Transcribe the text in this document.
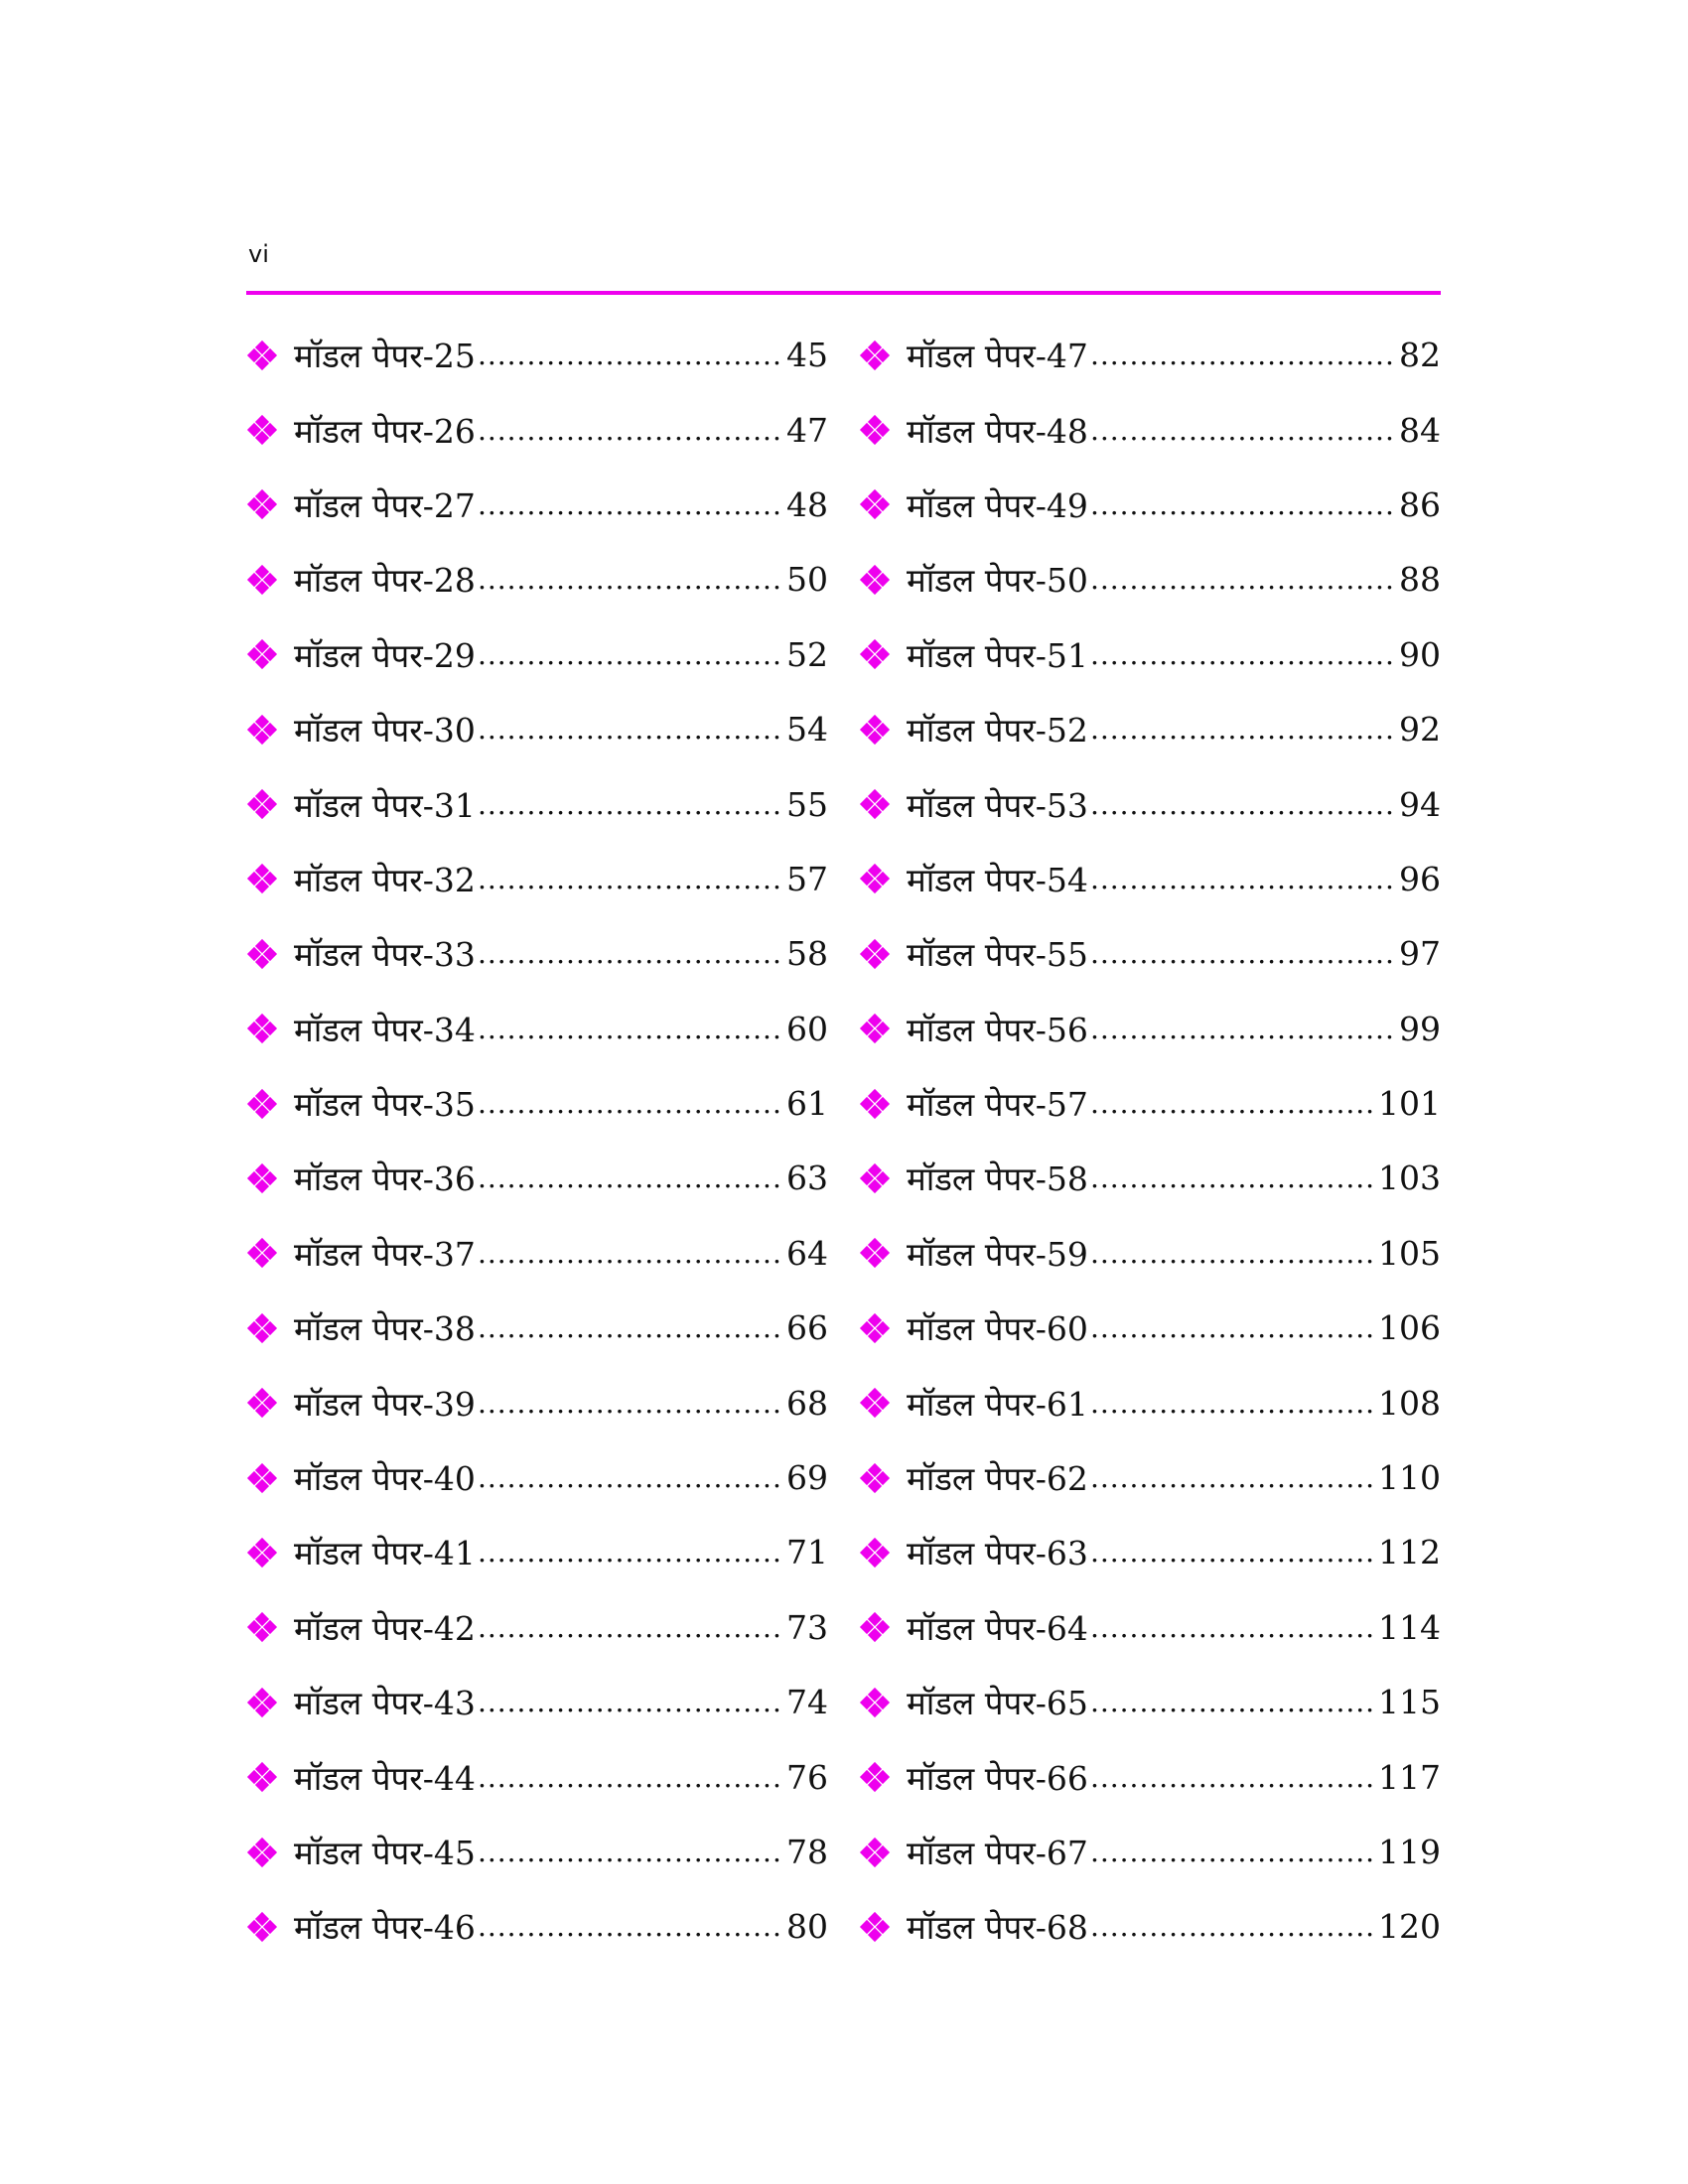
vi
मॉडल पेपर-25 .....	45
मॉडल पेपर-26 .....	47
मॉडल पेपर-27 .....	48
मॉडल पेपर-28 .....	50
मॉडल पेपर-29 .....	52
मॉडल पेपर-30 .....	54
मॉडल पेपर-31 .....	55
मॉडल पेपर-32 .....	57
मॉडल पेपर-33 .....	58
मॉडल पेपर-34 .....	60
मॉडल पेपर-35 .....	61
मॉडल पेपर-36 .....	63
मॉडल पेपर-37 .....	64
मॉडल पेपर-38 .....	66
मॉडल पेपर-39 .....	68
मॉडल पेपर-40 .....	69
मॉडल पेपर-41 .....	71
मॉडल पेपर-42 .....	73
मॉडल पेपर-43 .....	74
मॉडल पेपर-44 .....	76
मॉडल पेपर-45 .....	78
मॉडल पेपर-46 .....	80
मॉडल पेपर-47 .....	82
मॉडल पेपर-48 .....	84
मॉडल पेपर-49 .....	86
मॉडल पेपर-50 .....	88
मॉडल पेपर-51 .....	90
मॉडल पेपर-52 .....	92
मॉडल पेपर-53 .....	94
मॉडल पेपर-54 .....	96
मॉडल पेपर-55 .....	97
मॉडल पेपर-56 .....	99
मॉडल पेपर-57 .....	101
मॉडल पेपर-58 .....	103
मॉडल पेपर-59 .....	105
मॉडल पेपर-60 .....	106
मॉडल पेपर-61 .....	108
मॉडल पेपर-62 .....	110
मॉडल पेपर-63 .....	112
मॉडल पेपर-64 .....	114
मॉडल पेपर-65 .....	115
मॉडल पेपर-66 .....	117
मॉडल पेपर-67 .....	119
मॉडल पेपर-68 .....	120
